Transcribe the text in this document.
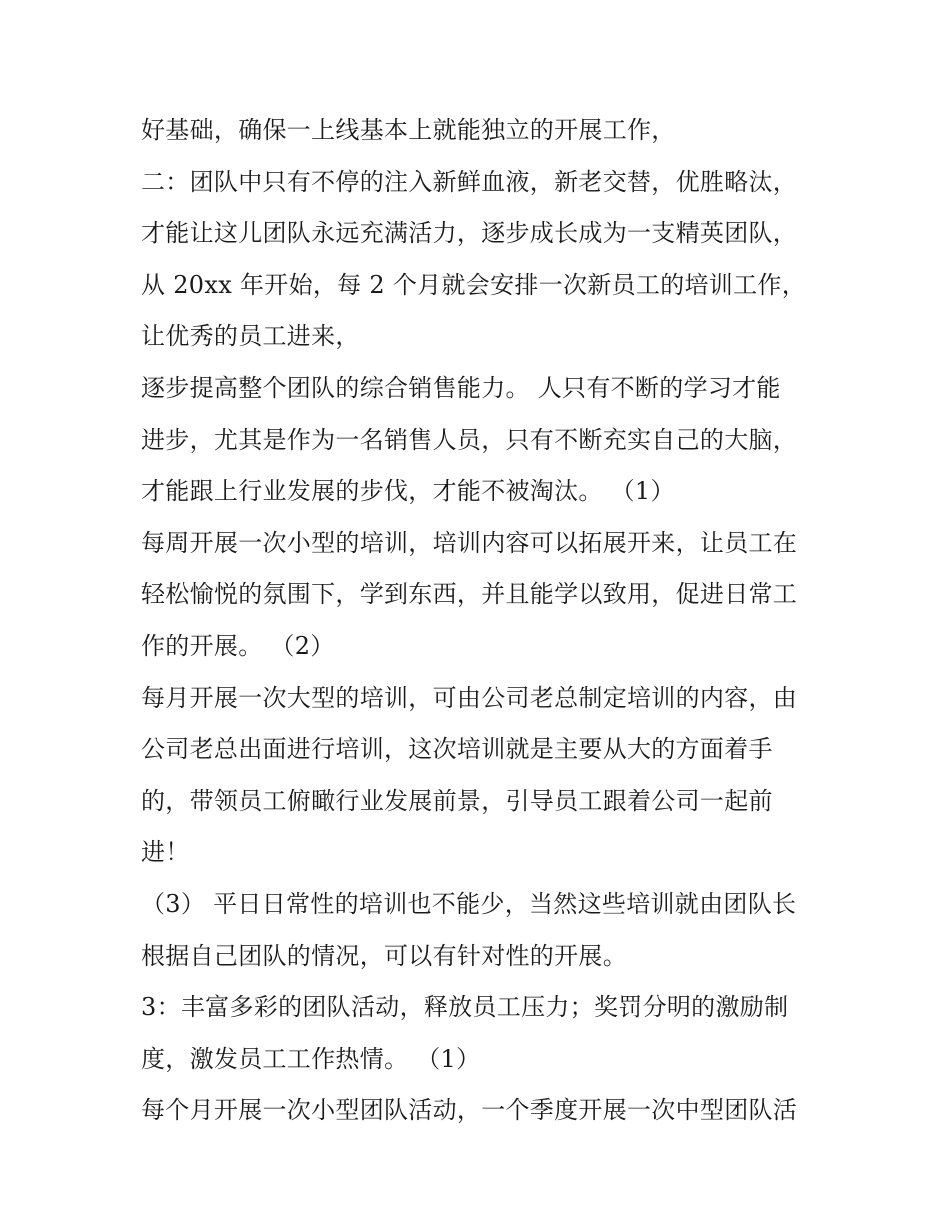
好基础，确保一上线基本上就能独立的开展工作，
二：团队中只有不停的注入新鲜血液，新老交替，优胜略汰，
才能让这儿团队永远充满活力，逐步成长成为一支精英团队，
从 20xx 年开始，每 2 个月就会安排一次新员工的培训工作，
让优秀的员工进来，
逐步提高整个团队的综合销售能力。 人只有不断的学习才能
进步，尤其是作为一名销售人员，只有不断充实自己的大脑，
才能跟上行业发展的步伐，才能不被淘汰。 （1）
每周开展一次小型的培训，培训内容可以拓展开来，让员工在
轻松愉悦的氛围下，学到东西，并且能学以致用，促进日常工
作的开展。 （2）
每月开展一次大型的培训，可由公司老总制定培训的内容，由
公司老总出面进行培训，这次培训就是主要从大的方面着手
的，带领员工俯瞰行业发展前景，引导员工跟着公司一起前
进！
（3） 平日日常性的培训也不能少，当然这些培训就由团队长
根据自己团队的情况，可以有针对性的开展。
3：丰富多彩的团队活动，释放员工压力；奖罚分明的激励制
度，激发员工工作热情。 （1）
每个月开展一次小型团队活动，一个季度开展一次中型团队活
